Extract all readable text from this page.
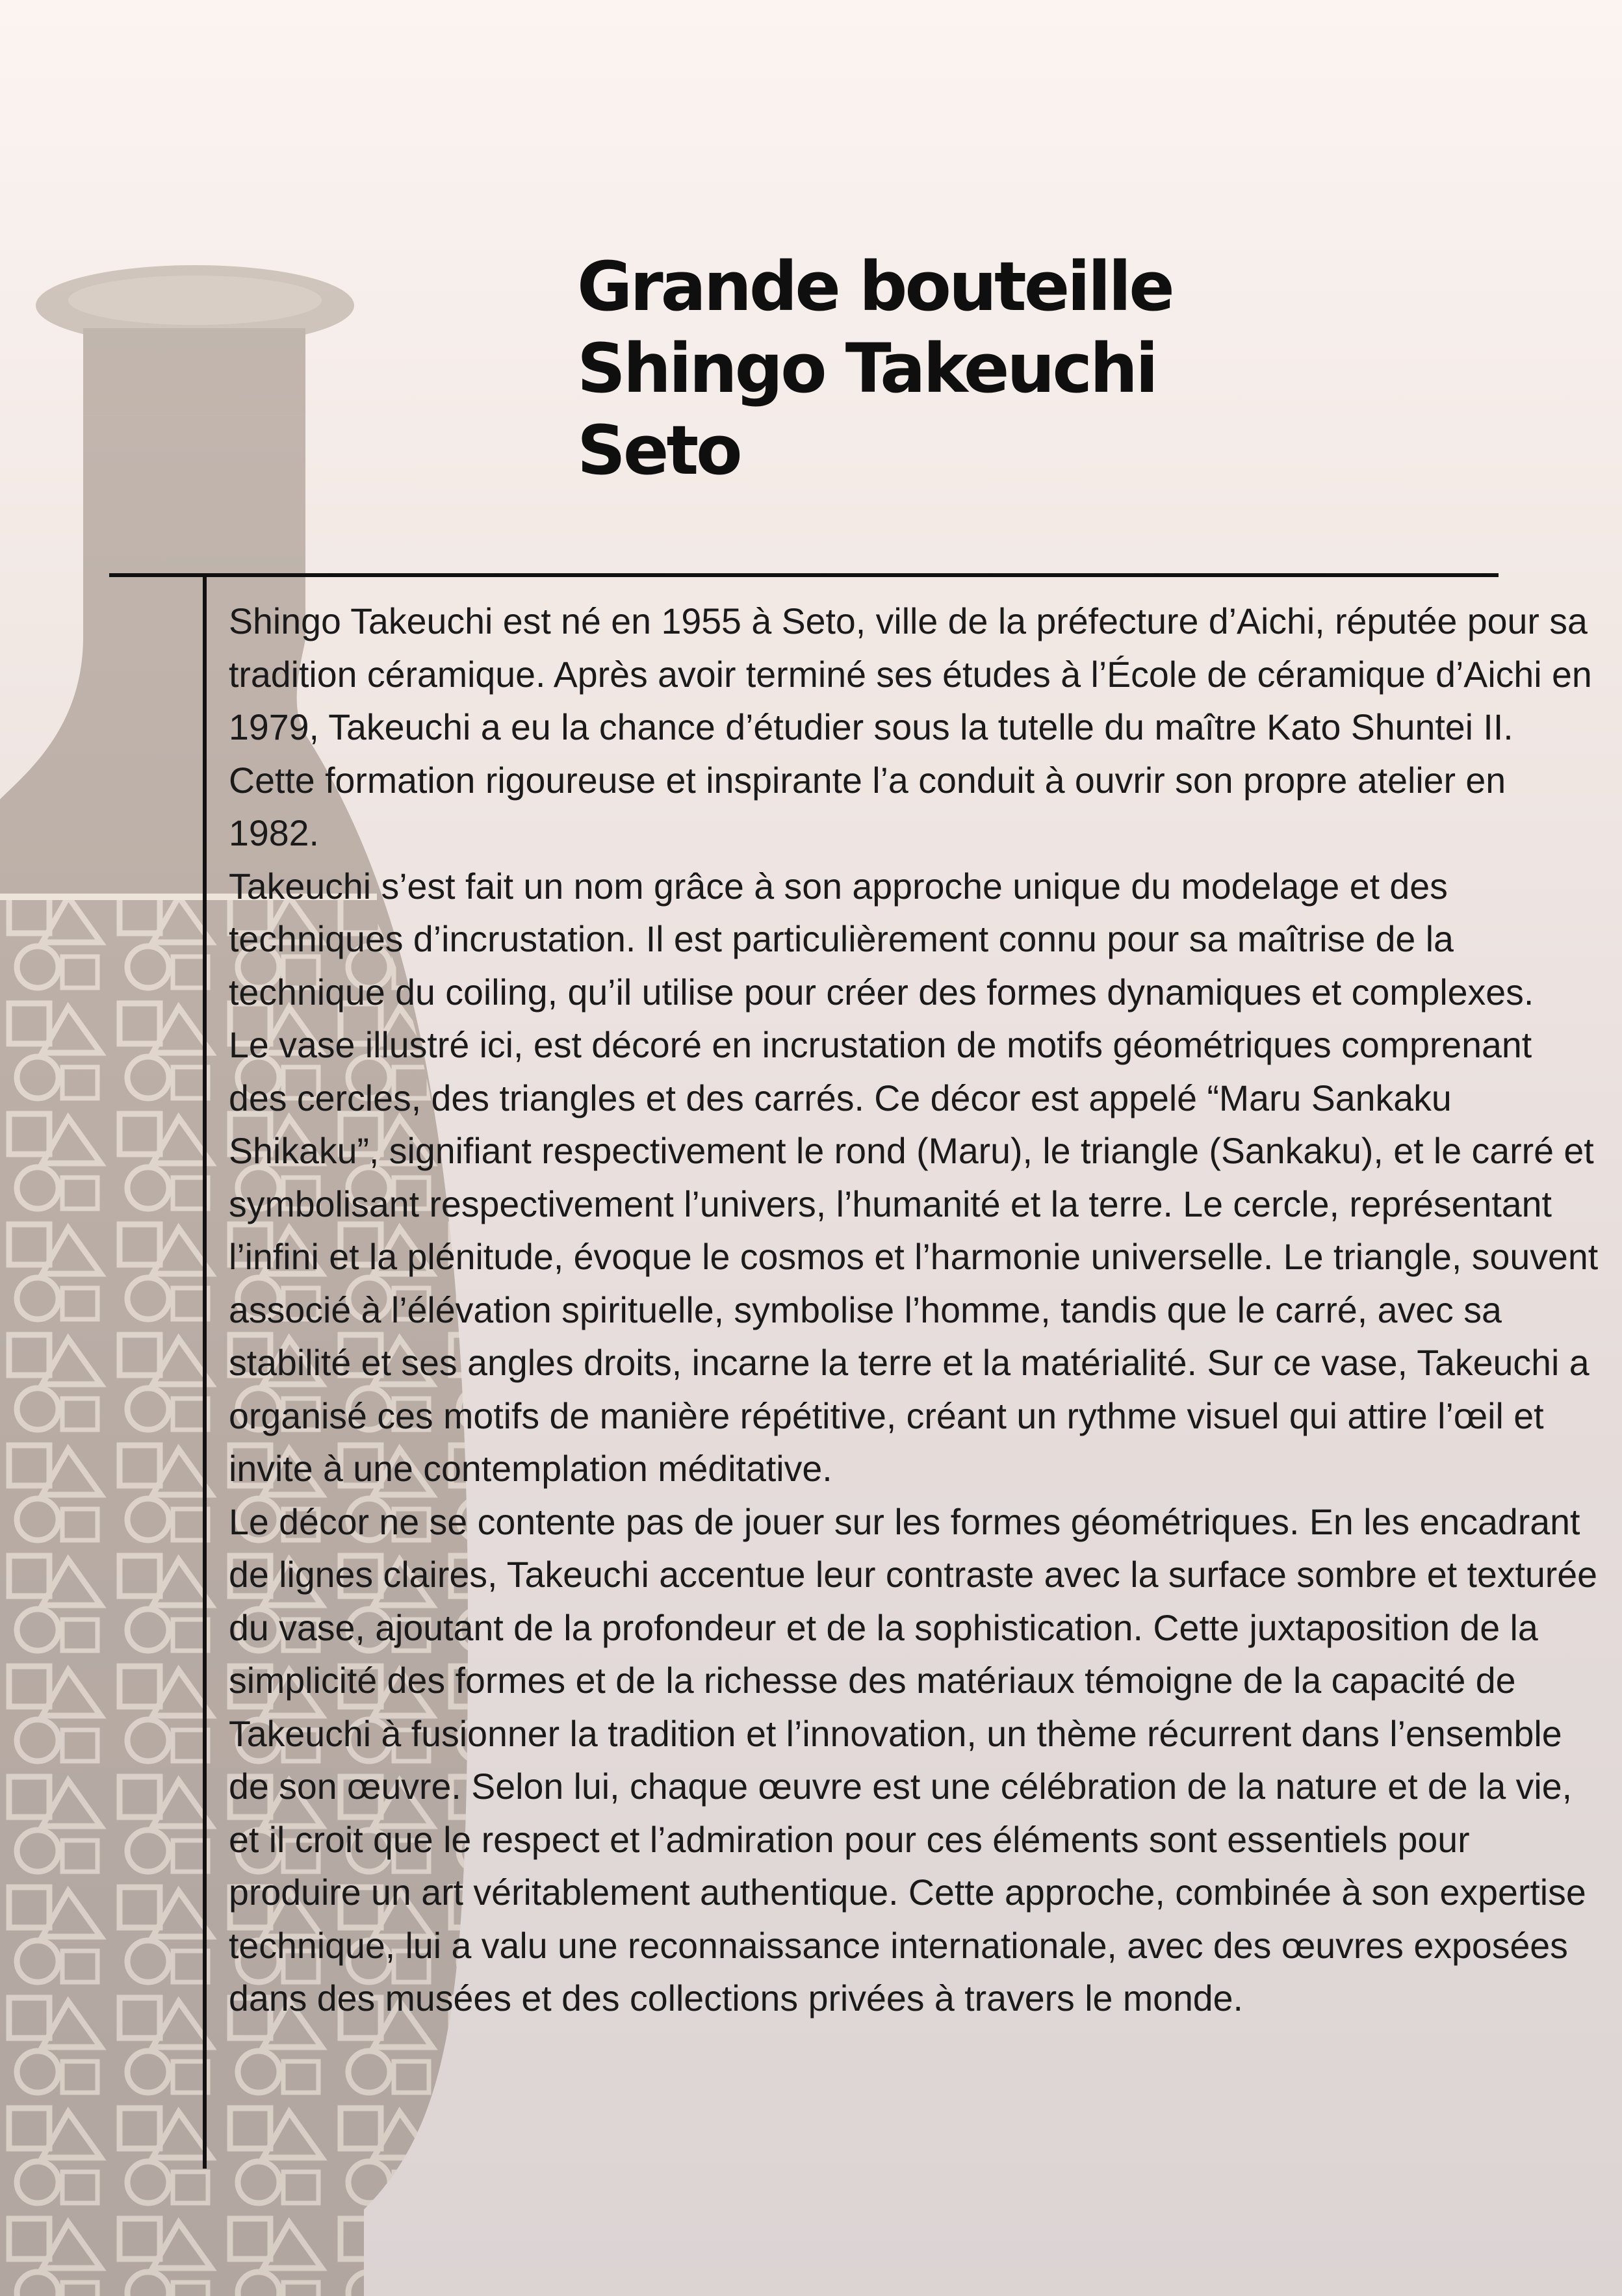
Grande bouteille
Shingo Takeuchi
Seto

Shingo Takeuchi est né en 1955 à Seto, ville de la préfecture d’Aichi, réputée pour sa tradition céramique. Après avoir terminé ses études à l’École de céramique d’Aichi en 1979, Takeuchi a eu la chance d’étudier sous la tutelle du maître Kato Shuntei II. Cette formation rigoureuse et inspirante l’a conduit à ouvrir son propre atelier en 1982.

Takeuchi s’est fait un nom grâce à son approche unique du modelage et des techniques d’incrustation. Il est particulièrement connu pour sa maîtrise de la technique du coiling, qu’il utilise pour créer des formes dynamiques et complexes.

Le vase illustré ici, est décoré en incrustation de motifs géométriques comprenant des cercles, des triangles et des carrés. Ce décor est appelé “Maru Sankaku Shikaku”, signifiant respectivement le rond (Maru), le triangle (Sankaku), et le carré et symbolisant respectivement l’univers, l’humanité et la terre. Le cercle, représentant l’infini et la plénitude, évoque le cosmos et l’harmonie universelle. Le triangle, souvent associé à l’élévation spirituelle, symbolise l’homme, tandis que le carré, avec sa stabilité et ses angles droits, incarne la terre et la matérialité. Sur ce vase, Takeuchi a organisé ces motifs de manière répétitive, créant un rythme visuel qui attire l’œil et invite à une contemplation méditative.

Le décor ne se contente pas de jouer sur les formes géométriques. En les encadrant de lignes claires, Takeuchi accentue leur contraste avec la surface sombre et texturée du vase, ajoutant de la profondeur et de la sophistication. Cette juxtaposition de la simplicité des formes et de la richesse des matériaux témoigne de la capacité de Takeuchi à fusionner la tradition et l’innovation, un thème récurrent dans l’ensemble de son œuvre. Selon lui, chaque œuvre est une célébration de la nature et de la vie, et il croit que le respect et l’admiration pour ces éléments sont essentiels pour produire un art véritablement authentique. Cette approche, combinée à son expertise technique, lui a valu une reconnaissance internationale, avec des œuvres exposées dans des musées et des collections privées à travers le monde.
